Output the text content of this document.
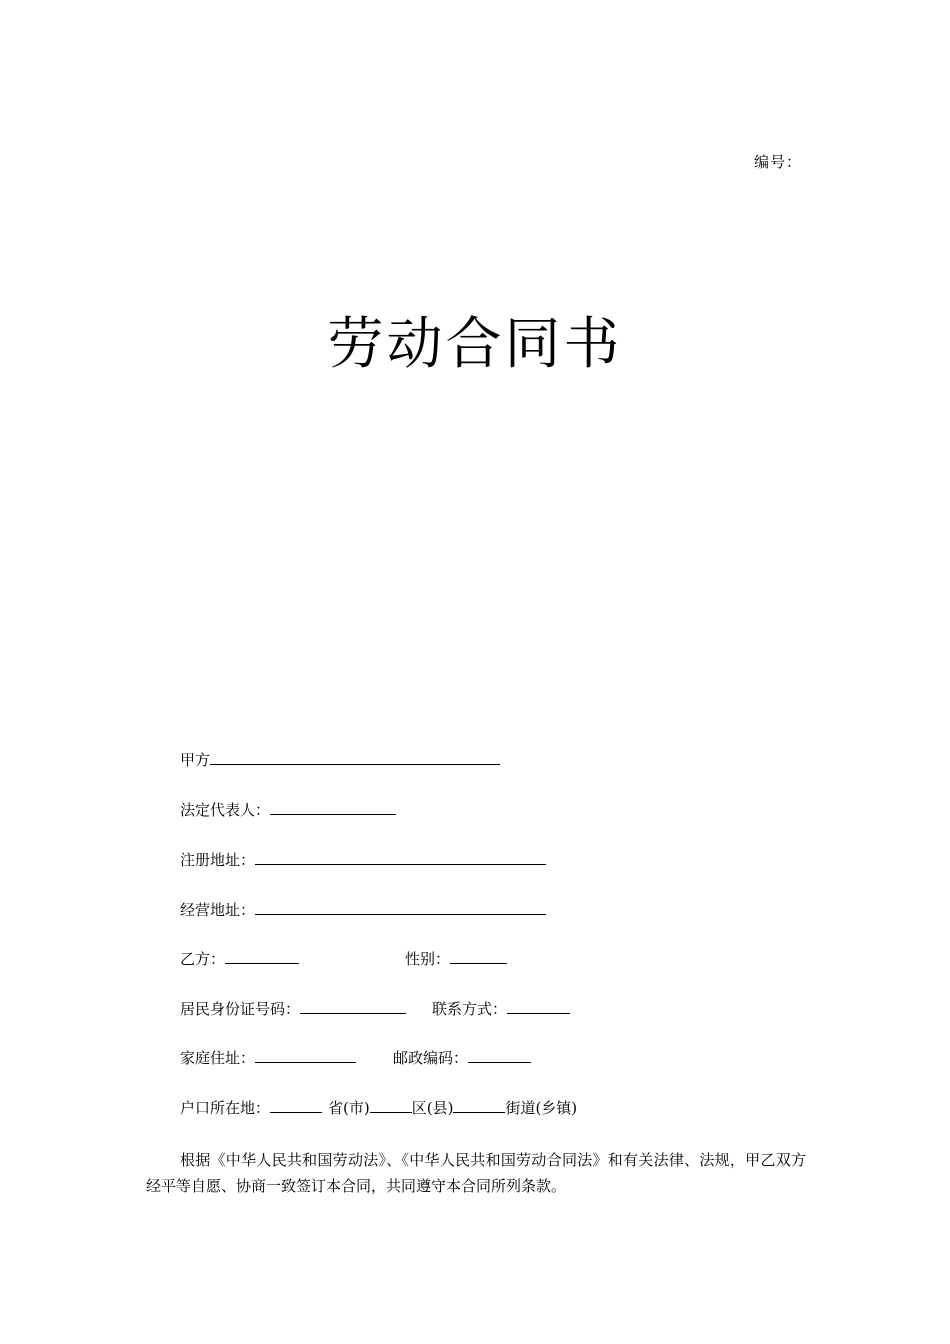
编号：
劳动合同书
甲方
法定代表人：
注册地址：
经营地址：
乙方：	性别：
居民身份证号码：	联系方式：
家庭住址：	邮政编码：
户口所在地：	省(市)	区(县)	街道(乡镇)
根据《中华人民共和国劳动法》、《中华人民共和国劳动合同法》和有关法律、法规，甲乙双方经平等自愿、协商一致签订本合同，共同遵守本合同所列条款。
